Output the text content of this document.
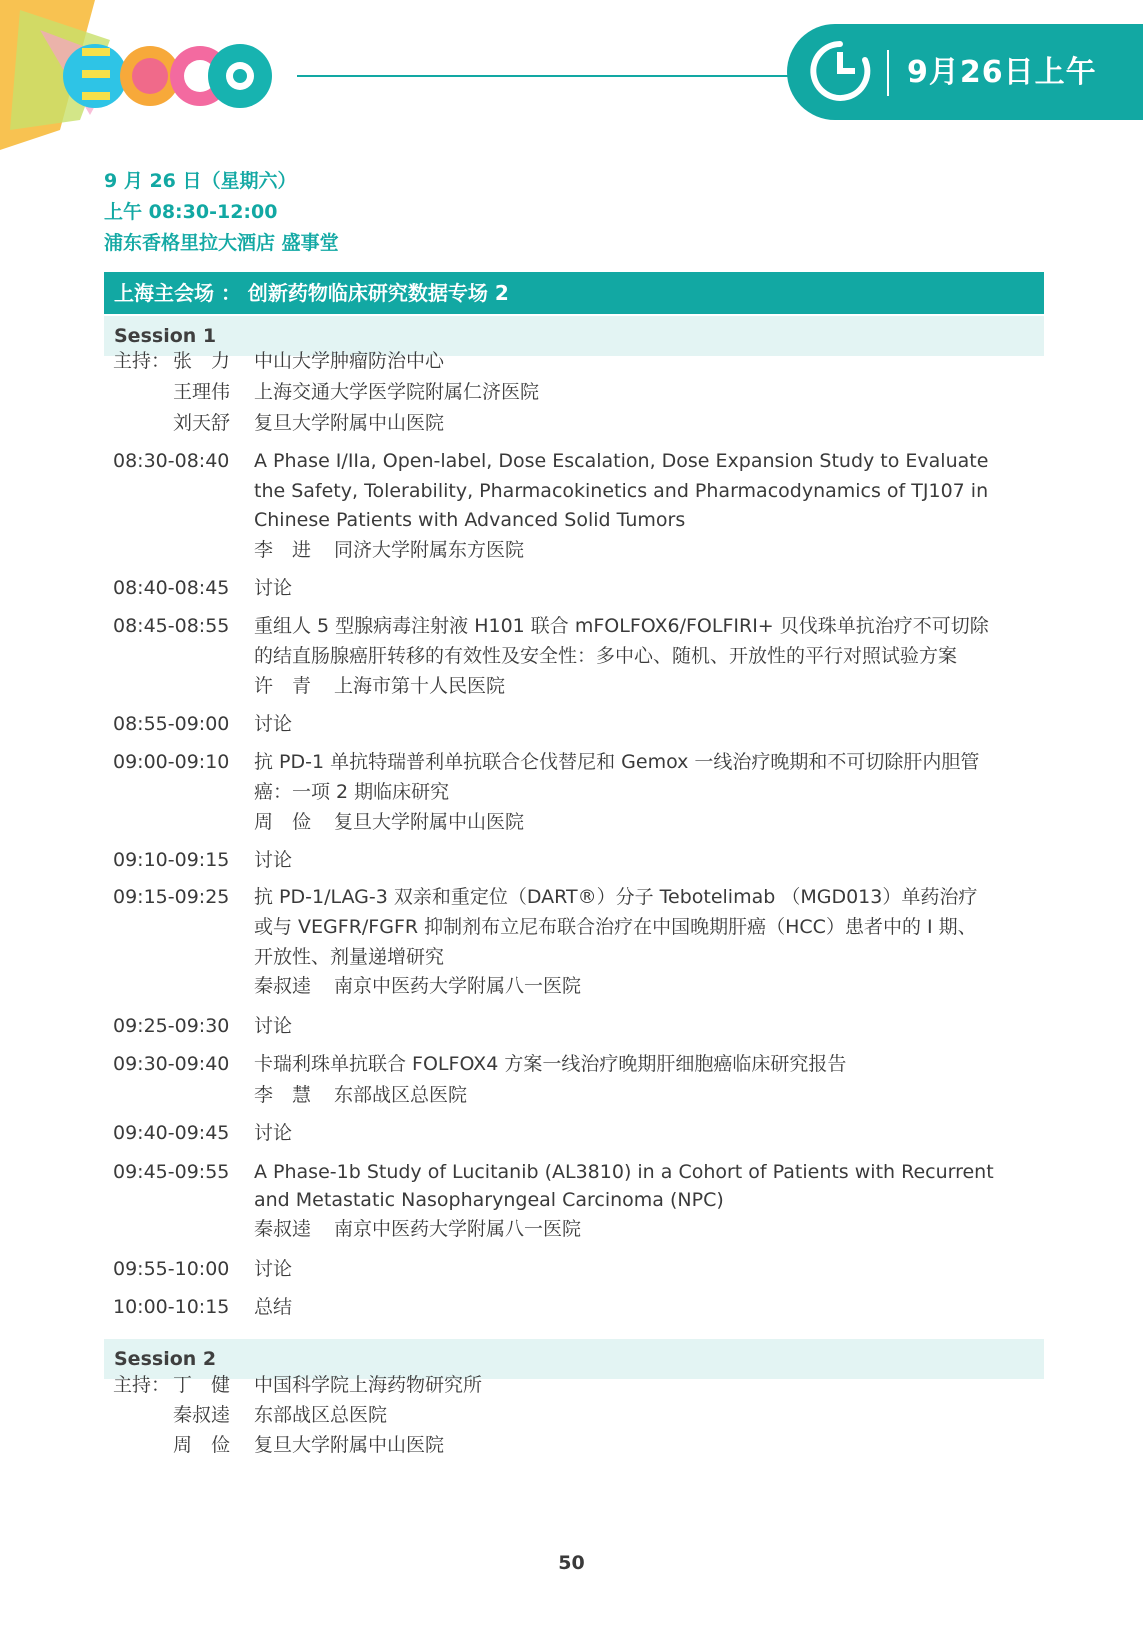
9月26日上午
9 月 26 日（星期六）
上午 08:30-12:00
浦东香格里拉大酒店 盛事堂
上海主会场 ： 创新药物临床研究数据专场 2
Session 1
主持： 张　力 中山大学肿瘤防治中心
王理伟 上海交通大学医学院附属仁济医院
刘天舒 复旦大学附属中山医院
08:30-08:40 A Phase I/IIa, Open-label, Dose Escalation, Dose Expansion Study to Evaluate
the Safety, Tolerability, Pharmacokinetics and Pharmacodynamics of TJ107 in
Chinese Patients with Advanced Solid Tumors
李　进 同济大学附属东方医院
08:40-08:45 讨论
08:45-08:55 重组人 5 型腺病毒注射液 H101 联合 mFOLFOX6/FOLFIRI+ 贝伐珠单抗治疗不可切除
的结直肠腺癌肝转移的有效性及安全性：多中心、随机、开放性的平行对照试验方案
许　青 上海市第十人民医院
08:55-09:00 讨论
09:00-09:10 抗 PD-1 单抗特瑞普利单抗联合仑伐替尼和 Gemox 一线治疗晚期和不可切除肝内胆管
癌：一项 2 期临床研究
周　俭 复旦大学附属中山医院
09:10-09:15 讨论
09:15-09:25 抗 PD-1/LAG-3 双亲和重定位（DART®）分子 Tebotelimab （MGD013）单药治疗
或与 VEGFR/FGFR 抑制剂布立尼布联合治疗在中国晚期肝癌（HCC）患者中的 I 期、
开放性、剂量递增研究
秦叔逵 南京中医药大学附属八一医院
09:25-09:30 讨论
09:30-09:40 卡瑞利珠单抗联合 FOLFOX4 方案一线治疗晚期肝细胞癌临床研究报告
李　慧 东部战区总医院
09:40-09:45 讨论
09:45-09:55 A Phase-1b Study of Lucitanib (AL3810) in a Cohort of Patients with Recurrent
and Metastatic Nasopharyngeal Carcinoma (NPC)
秦叔逵 南京中医药大学附属八一医院
09:55-10:00 讨论
10:00-10:15 总结
Session 2
主持： 丁　健 中国科学院上海药物研究所
秦叔逵 东部战区总医院
周　俭 复旦大学附属中山医院
50
